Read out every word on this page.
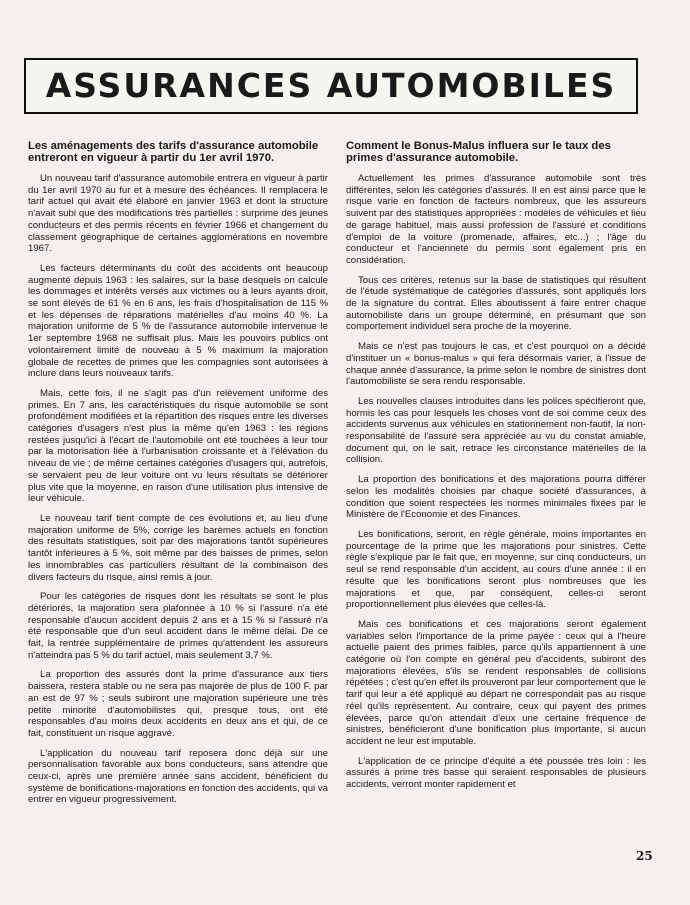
ASSURANCES AUTOMOBILES
Les aménagements des tarifs d'assurance automobile entreront en vigueur à partir du 1er avril 1970.

Un nouveau tarif d'assurance automobile entrera en vigueur à partir du 1er avril 1970 au fur et à mesure des échéances. Il remplacera le tarif actuel qui avait été élaboré en janvier 1963 et dont la structure n'avait subi que des modifications très partielles : surprime des jeunes conducteurs et des permis récents en février 1966 et changement du classement géographique de certaines agglomérations en novembre 1967.

Les facteurs déterminants du coût des accidents ont beaucoup augmenté depuis 1963 : les salaires, sur la base desquels on calcule les dommages et intérêts versés aux victimes ou à leurs ayants droit, se sont élevés de 61 % en 6 ans, les frais d'hospitalisation de 115 % et les dépenses de réparations matérielles d'au moins 40 %. La majoration uniforme de 5 % de l'assurance automobile intervenue le 1er septembre 1968 ne suffisait plus. Mais les pouvoirs publics ont volontairement limité de nouveau à 5 % maximum la majoration globale de recettes de primes que les compagnies sont autorisées à inclure dans leurs nouveaux tarifs.

Mais, cette fois, il ne s'agit pas d'un relèvement uniforme des primes. En 7 ans, les caractéristiques du risque automobile se sont profondément modifiées et la répartition des risques entre les diverses catégories d'usagers n'est plus la même qu'en 1963 : les régions restées jusqu'ici à l'écart de l'automobile ont été touchées à leur tour par la motorisation liée à l'urbanisation croissante et à l'élévation du niveau de vie ; de même certaines catégories d'usagers qui, autrefois, se servaient peu de leur voiture ont vu leurs résultats se détériorer plus vite que la moyenne, en raison d'une utilisation plus intensive de leur véhicule.

Le nouveau tarif tient compte de ces évolutions et, au lieu d'une majoration uniforme de 5%, corrige les barèmes actuels en fonction des résultats statistiques, soit par des majorations tantôt supérieures tantôt inférieures à 5 %, soit même par des baisses de primes, selon les innombrables cas particuliers résultant de la combinaison des divers facteurs du risque, ainsi remis à jour.

Pour les catégories de risques dont les résultats se sont le plus détériorés, la majoration sera plafonnée à 10 % si l'assuré n'a été responsable d'aucun accident depuis 2 ans et à 15 % si l'assuré n'a été responsable que d'un seul accident dans le même délai. De ce fait, la rentrée supplémentaire de primes qu'attendent les assureurs n'atteindra pas 5 % du tarif actuel, mais seulement 3,7 %.

La proportion des assurés dont la prime d'assurance aux tiers baissera, restera stable ou ne sera pas majorée de plus de 100 F. par an est de 97 % ; seuls subiront une majoration supérieure une très petite minorité d'automobilistes qui, presque tous, ont été responsables d'au moins deux accidents en deux ans et qui, de ce fait, constituent un risque aggravé.

L'application du nouveau tarif reposera donc déjà sur une personnalisation favorable aux bons conducteurs, sans attendre que ceux-ci, après une première année sans accident, bénéficient du système de bonifications-majorations en fonction des accidents, qui va entrer en vigueur progressivement.

Comment le Bonus-Malus influera sur le taux des primes d'assurance automobile.

Actuellement les primes d'assurance automobile sont très différentes, selon les catégories d'assurés. Il en est ainsi parce que le risque varie en fonction de facteurs nombreux, que les assureurs suivent par des statistiques appropriées : modèles de véhicules et lieu de garage habituel, mais aussi profession de l'assuré et conditions d'emploi de la voiture (promenade, affaires, etc...) ; l'âge du conducteur et l'ancienneté du permis sont également pris en considération.

Tous ces critères, retenus sur la base de statistiques qui résultent de l'étude systématique de catégories d'assurés, sont appliqués lors de la signature du contrat. Elles aboutissent à faire entrer chaque automobiliste dans un groupe déterminé, en présumant que son comportement individuel sera proche de la moyenne.

Mais ce n'est pas toujours le cas, et c'est pourquoi on a décidé d'instituer un « bonus-malus » qui fera désormais varier, à l'issue de chaque année d'assurance, la prime selon le nombre de sinistres dont l'automobiliste se sera rendu responsable.

Les nouvelles clauses introduites dans les polices spécifieront que, hormis les cas pour lesquels les choses vont de soi comme ceux des accidents survenus aux véhicules en stationnement non-fautif, la non-responsabilité de l'assuré sera appréciée au vu du constat amiable, document qui, on le sait, retrace les circonstance matérielles de la collision.

La proportion des bonifications et des majorations pourra différer selon les modalités choisies par chaque société d'assurances, à condition que soient respectées les normes minimales fixées par le Ministère de l'Economie et des Finances.

Les bonifications, seront, en règle générale, moins importantes en pourcentage de la prime que les majorations pour sinistres. Cette règle s'explique par le fait que, en moyenne, sur cinq conducteurs, un seul se rend responsable d'un accident, au cours d'une année : il en résulte que les bonifications seront plus nombreuses que les majorations et que, par conséquent, celles-ci seront proportionnellement plus élevées que celles-là.

Mais ces bonifications et ces majorations seront également variables selon l'importance de la prime payée : ceux qui à l'heure actuelle paient des primes faibles, parce qu'ils appartiennent à une catégorie où l'on compte en général peu d'accidents, subiront des majorations élevées, s'ils se rendent responsables de collisions répétées ; c'est qu'en effet ils prouveront par leur comportement que le tarif qui leur a été appliqué au départ ne correspondait pas au risque réel qu'ils représentent. Au contraire, ceux qui payent des primes élevées, parce qu'on attendait d'eux une certaine fréquence de sinistres, bénéficieront d'une bonification plus importante, si aucun accident ne leur est imputable.

L'application de ce principe d'équité a été poussée très loin : les assurés à prime très basse qui seraient responsables de plusieurs accidents, verront monter rapidement et

25
